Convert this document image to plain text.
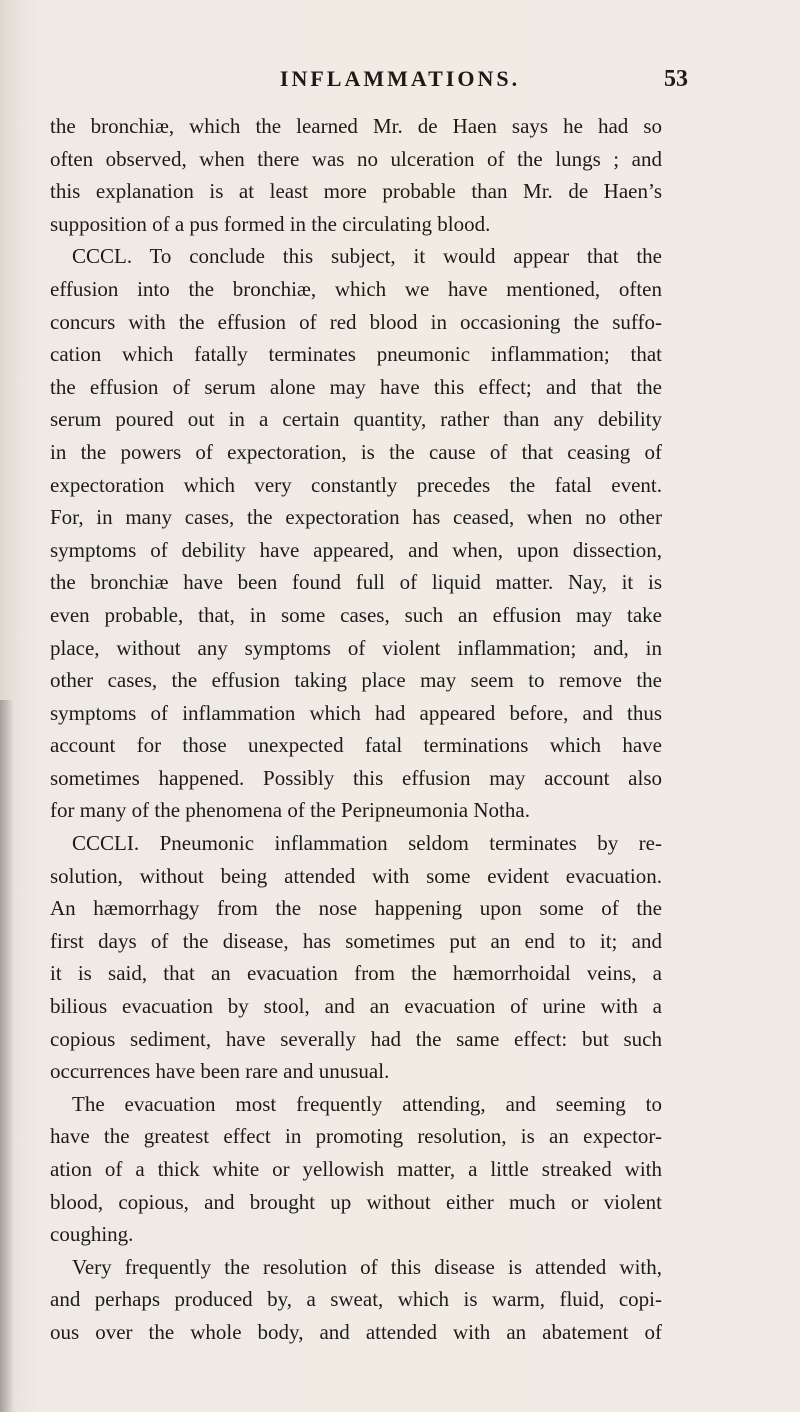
INFLAMMATIONS.	53
the bronchiæ, which the learned Mr. de Haen says he had so
often observed, when there was no ulceration of the lungs ; and
this explanation is at least more probable than Mr. de Haen’s
supposition of a pus formed in the circulating blood.
CCCL. To conclude this subject, it would appear that the
effusion into the bronchiæ, which we have mentioned, often
concurs with the effusion of red blood in occasioning the suffo-
cation which fatally terminates pneumonic inflammation; that
the effusion of serum alone may have this effect; and that the
serum poured out in a certain quantity, rather than any debility
in the powers of expectoration, is the cause of that ceasing of
expectoration which very constantly precedes the fatal event.
For, in many cases, the expectoration has ceased, when no other
symptoms of debility have appeared, and when, upon dissection,
the bronchiæ have been found full of liquid matter. Nay, it is
even probable, that, in some cases, such an effusion may take
place, without any symptoms of violent inflammation; and, in
other cases, the effusion taking place may seem to remove the
symptoms of inflammation which had appeared before, and thus
account for those unexpected fatal terminations which have
sometimes happened. Possibly this effusion may account also
for many of the phenomena of the Peripneumonia Notha.
CCCLI. Pneumonic inflammation seldom terminates by re-
solution, without being attended with some evident evacuation.
An hæmorrhagy from the nose happening upon some of the
first days of the disease, has sometimes put an end to it; and
it is said, that an evacuation from the hæmorrhoidal veins, a
bilious evacuation by stool, and an evacuation of urine with a
copious sediment, have severally had the same effect: but such
occurrences have been rare and unusual.
The evacuation most frequently attending, and seeming to
have the greatest effect in promoting resolution, is an expector-
ation of a thick white or yellowish matter, a little streaked with
blood, copious, and brought up without either much or violent
coughing.
Very frequently the resolution of this disease is attended with,
and perhaps produced by, a sweat, which is warm, fluid, copi-
ous over the whole body, and attended with an abatement of
